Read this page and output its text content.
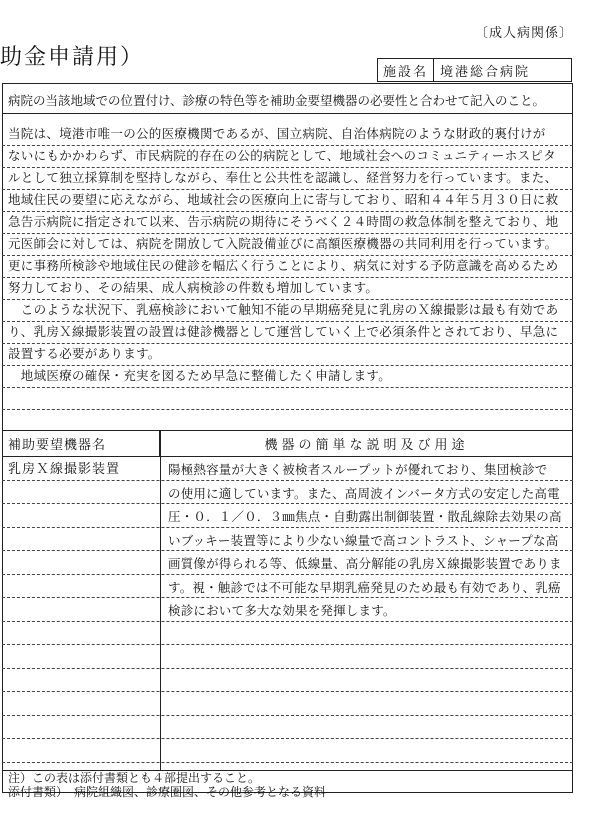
〔成人病関係〕
助金申請用）
施設名 境港総合病院
病院の当該地域での位置付け、診療の特色等を補助金要望機器の必要性と合わせて記入のこと。
当院は、境港市唯一の公的医療機関であるが、国立病院、自治体病院のような財政的裏付けが
ないにもかかわらず、市民病院的存在の公的病院として、地域社会へのコミュニティーホスピタ
ルとして独立採算制を堅持しながら、奉仕と公共性を認識し、経営努力を行っています。また、
地域住民の要望に応えながら、地域社会の医療向上に寄与しており、昭和４４年５月３０日に救
急告示病院に指定されて以来、告示病院の期待にそうべく２４時間の救急体制を整えており、地
元医師会に対しては、病院を開放して入院設備並びに高額医療機器の共同利用を行っています。
更に事務所検診や地域住民の健診を幅広く行うことにより、病気に対する予防意識を高めるため
努力しており、その結果、成人病検診の件数も増加しています。
　このような状況下、乳癌検診において触知不能の早期癌発見に乳房のＸ線撮影は最も有効であ
り、乳房Ｘ線撮影装置の設置は健診機器として運営していく上で必須条件とされており、早急に
設置する必要があります。
　地域医療の確保・充実を図るため早急に整備したく申請します。
補助要望機器名	機器の簡単な説明及び用途
乳房Ｘ線撮影装置	陽極熱容量が大きく被検者スループットが優れており、集団検診で
の使用に適しています。また、高周波インバータ方式の安定した高電
圧・０．１／０．３㎜焦点・自動露出制御装置・散乱線除去効果の高
いブッキー装置等により少ない線量で高コントラスト、シャープな高
画質像が得られる等、低線量、高分解能の乳房Ｘ線撮影装置でありま
す。視・触診では不可能な早期乳癌発見のため最も有効であり、乳癌
検診において多大な効果を発揮します。
注）この表は添付書類とも４部提出すること。
添付書類）　病院組織図、診療圏図、その他参考となる資料
